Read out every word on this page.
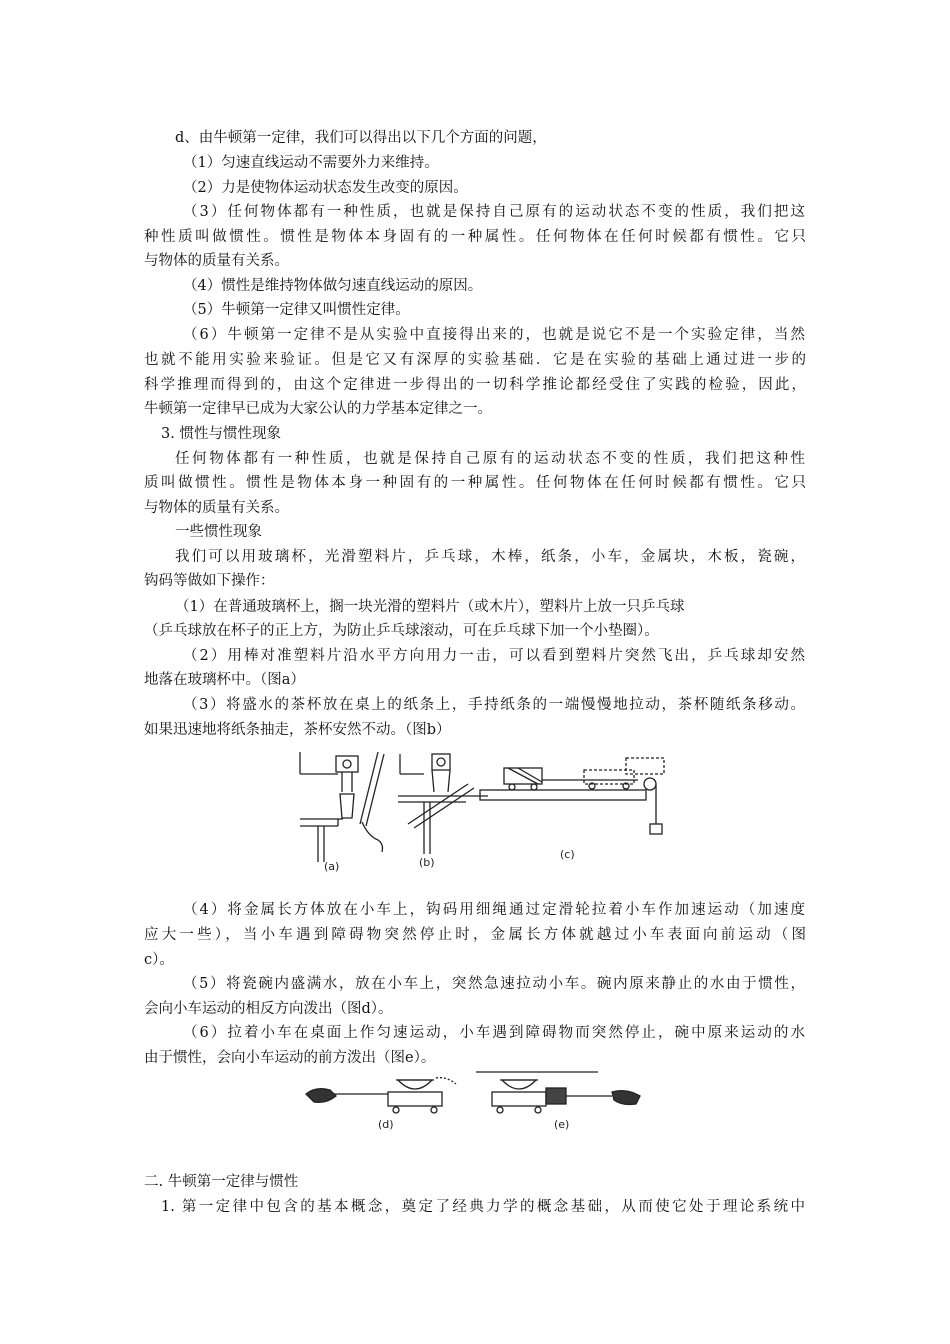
d、由牛顿第一定律，我们可以得出以下几个方面的问题，
（1）匀速直线运动不需要外力来维持。
（2）力是使物体运动状态发生改变的原因。
（3）任何物体都有一种性质，也就是保持自己原有的运动状态不变的性质，我们把这
种性质叫做惯性。惯性是物体本身固有的一种属性。任何物体在任何时候都有惯性。它只
与物体的质量有关系。
（4）惯性是维持物体做匀速直线运动的原因。
（5）牛顿第一定律又叫惯性定律。
（6）牛顿第一定律不是从实验中直接得出来的，也就是说它不是一个实验定律，当然
也就不能用实验来验证。但是它又有深厚的实验基础．它是在实验的基础上通过进一步的
科学推理而得到的，由这个定律进一步得出的一切科学推论都经受住了实践的检验，因此，
牛顿第一定律早已成为大家公认的力学基本定律之一。
3. 惯性与惯性现象
任何物体都有一种性质，也就是保持自己原有的运动状态不变的性质，我们把这种性
质叫做惯性。惯性是物体本身一种固有的一种属性。任何物体在任何时候都有惯性。它只
与物体的质量有关系。
一些惯性现象
我们可以用玻璃杯，光滑塑料片，乒乓球，木棒，纸条，小车，金属块，木板，瓷碗，
钩码等做如下操作：
（1）在普通玻璃杯上，搁一块光滑的塑料片（或木片），塑料片上放一只乒乓球
（乒乓球放在杯子的正上方，为防止乒乓球滚动，可在乒乓球下加一个小垫圈）。
（2）用棒对准塑料片沿水平方向用力一击，可以看到塑料片突然飞出，乒乓球却安然
地落在玻璃杯中。（图a）
（3）将盛水的茶杯放在桌上的纸条上，手持纸条的一端慢慢地拉动，茶杯随纸条移动。
如果迅速地将纸条抽走，茶杯安然不动。（图b）
(a)	(b)
(c)
（4）将金属长方体放在小车上，钩码用细绳通过定滑轮拉着小车作加速运动（加速度
应大一些），当小车遇到障碍物突然停止时，金属长方体就越过小车表面向前运动（图
c）。
（5）将瓷碗内盛满水，放在小车上，突然急速拉动小车。碗内原来静止的水由于惯性，
会向小车运动的相反方向泼出（图d）。
（6）拉着小车在桌面上作匀速运动，小车遇到障碍物而突然停止，碗中原来运动的水
由于惯性，会向小车运动的前方泼出（图e）。
(d)	(e)
二. 牛顿第一定律与惯性
1. 第一定律中包含的基本概念，奠定了经典力学的概念基础，从而使它处于理论系统中
